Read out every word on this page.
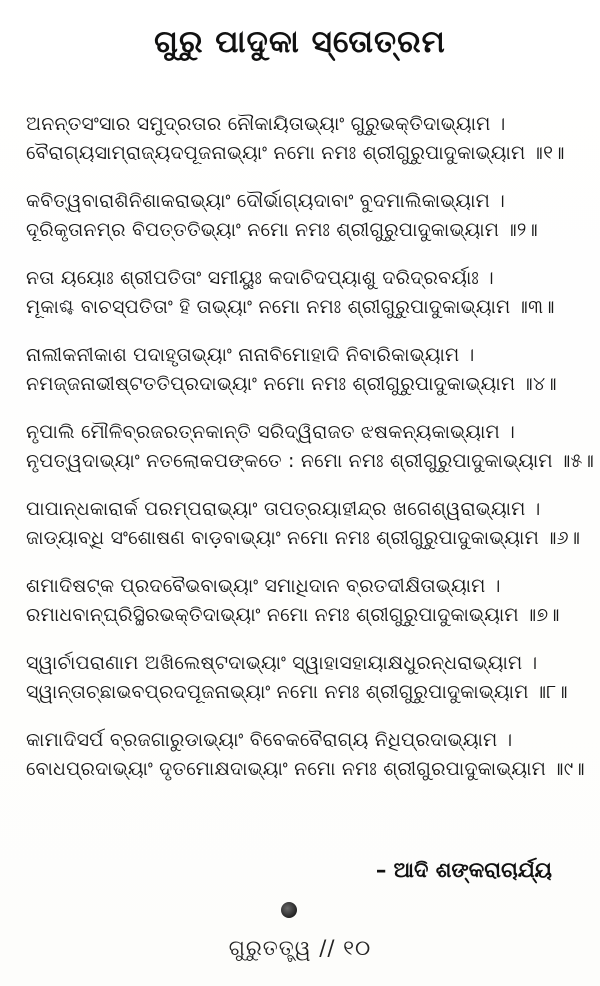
ଗୁରୁ ପାଦୁକା ସ୍ତୋତ୍ରମ
ଅନନ୍ତସଂସାର ସମୁଦ୍ରତାର ନୌକାୟିତାଭ୍ୟାଂ ଗୁରୁଭକ୍ତିଦାଭ୍ୟାମ ।
ବୈରାଗ୍ୟସାମ୍ରାଜ୍ୟଦପୂଜନାଭ୍ୟାଂ ନମୋ ନମଃ ଶ୍ରୀଗୁରୁପାଦୁକାଭ୍ୟାମ ॥୧॥
କବିତ୍ୱବାରାଶିନିଶାକରାଭ୍ୟାଂ ଦୌର୍ଭାଗ୍ୟଦାବାଂ ବୁଦମାଲିକାଭ୍ୟାମ ।
ଦୂରିକୃତାନମ୍ର ବିପତ୍ତତିଭ୍ୟାଂ ନମୋ ନମଃ ଶ୍ରୀଗୁରୁପାଦୁକାଭ୍ୟାମ ॥୨॥
ନତା ୟୟୋଃ ଶ୍ରୀପତିତାଂ ସମୀୟୁଃ କଦାଚିଦପ୍ୟାଶୁ ଦରିଦ୍ରବର୍ୟାଃ ।
ମୂକାଶ୍ଚ ବାଚସ୍ପତିତାଂ ହି ତାଭ୍ୟାଂ ନମୋ ନମଃ ଶ୍ରୀଗୁରୁପାଦୁକାଭ୍ୟାମ ॥୩॥
ନାଲୀକନୀକାଶ ପଦାହୃତାଭ୍ୟାଂ ନାନାବିମୋହାଦି ନିବାରିକାଭ୍ୟାମ ।
ନମଜ୍ଜନାଭୀଷ୍ଟତତିପ୍ରଦାଭ୍ୟାଂ ନମୋ ନମଃ ଶ୍ରୀଗୁରୁପାଦୁକାଭ୍ୟାମ ॥୪॥
ନୃପାଲି ମୌଳିବ୍ରଜରତ୍ନକାନ୍ତି ସରିଦ୍ୱିରାଜତ ଝଷକନ୍ୟକାଭ୍ୟାମ ।
ନୃପତ୍ୱଦାଭ୍ୟାଂ ନତଲୋକପଙ୍କତେ : ନମୋ ନମଃ ଶ୍ରୀଗୁରୁପାଦୁକାଭ୍ୟାମ ॥୫॥
ପାପାନ୍ଧକାରାର୍କ ପରମ୍ପରାଭ୍ୟାଂ ତାପତ୍ରୟାହୀନ୍ଦ୍ର ଖଗେଶ୍ୱରାଭ୍ୟାମ ।
ଜାଡ୍ୟାବ୍ଧି ସଂଶୋଷଣ ବାଡ଼ବାଭ୍ୟାଂ ନମୋ ନମଃ ଶ୍ରୀଗୁରୁପାଦୁକାଭ୍ୟାମ ॥୬॥
ଶମାଦିଷଟ୍କ ପ୍ରଦବୈଭବାଭ୍ୟାଂ ସମାଧିଦାନ ବ୍ରତଦୀକ୍ଷିତାଭ୍ୟାମ ।
ରମାଧବାନ୍ଘ୍ରିସ୍ଥିରଭକ୍ତିଦାଭ୍ୟାଂ ନମୋ ନମଃ ଶ୍ରୀଗୁରୁପାଦୁକାଭ୍ୟାମ ॥୭॥
ସ୍ୱାର୍ଚାପରାଣାମ ଅଖିଲେଷ୍ଟଦାଭ୍ୟାଂ ସ୍ୱାହାସହାୟାକ୍ଷଧୁରନ୍ଧରାଭ୍ୟାମ ।
ସ୍ୱାନ୍ତାଚ୍ଛାଭବପ୍ରଦପୂଜନାଭ୍ୟାଂ ନମୋ ନମଃ ଶ୍ରୀଗୁରୁପାଦୁକାଭ୍ୟାମ ॥୮॥
କାମାଦିସର୍ପ ବ୍ରଜଗାରୁଡାଭ୍ୟାଂ ବିବେକବୈରାଗ୍ୟ ନିଧିପ୍ରଦାଭ୍ୟାମ ।
ବୋଧପ୍ରଦାଭ୍ୟାଂ ଦୃତମୋକ୍ଷଦାଭ୍ୟାଂ ନମୋ ନମଃ ଶ୍ରୀଗୁରପାଦୁକାଭ୍ୟାମ ॥୯॥
– ଆଦି ଶଙ୍କରାଚାର୍ଯ୍ୟ
ଗୁରୁତତ୍ତ୍ୱ // ୧୦
